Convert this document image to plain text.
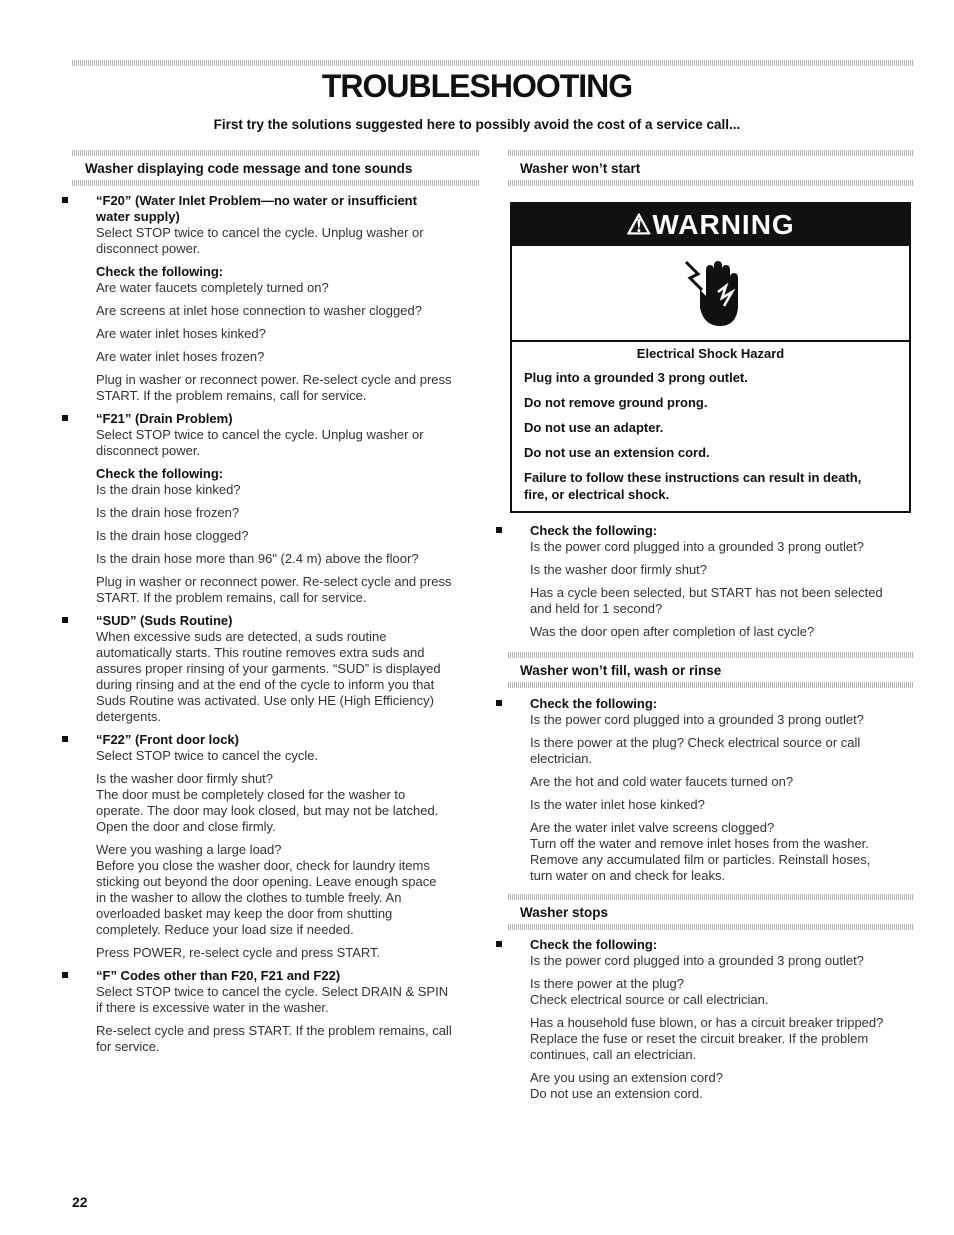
TROUBLESHOOTING
First try the solutions suggested here to possibly avoid the cost of a service call...
Washer displaying code message and tone sounds
“F20” (Water Inlet Problem—no water or insufficient
water supply)
Select STOP twice to cancel the cycle. Unplug washer or
disconnect power.
Check the following:
Are water faucets completely turned on?
Are screens at inlet hose connection to washer clogged?
Are water inlet hoses kinked?
Are water inlet hoses frozen?
Plug in washer or reconnect power. Re-select cycle and press
START. If the problem remains, call for service.
“F21” (Drain Problem)
Select STOP twice to cancel the cycle. Unplug washer or
disconnect power.
Check the following:
Is the drain hose kinked?
Is the drain hose frozen?
Is the drain hose clogged?
Is the drain hose more than 96" (2.4 m) above the floor?
Plug in washer or reconnect power. Re-select cycle and press
START. If the problem remains, call for service.
“SUD” (Suds Routine)
When excessive suds are detected, a suds routine
automatically starts. This routine removes extra suds and
assures proper rinsing of your garments. “SUD” is displayed
during rinsing and at the end of the cycle to inform you that
Suds Routine was activated. Use only HE (High Efficiency)
detergents.
“F22” (Front door lock)
Select STOP twice to cancel the cycle.
Is the washer door firmly shut?
The door must be completely closed for the washer to
operate. The door may look closed, but may not be latched.
Open the door and close firmly.
Were you washing a large load?
Before you close the washer door, check for laundry items
sticking out beyond the door opening. Leave enough space
in the washer to allow the clothes to tumble freely. An
overloaded basket may keep the door from shutting
completely. Reduce your load size if needed.
Press POWER, re-select cycle and press START.
“F” Codes other than F20, F21 and F22)
Select STOP twice to cancel the cycle. Select DRAIN & SPIN
if there is excessive water in the washer.
Re-select cycle and press START. If the problem remains, call
for service.
Washer won’t start
⚠WARNING
Electrical Shock Hazard
Plug into a grounded 3 prong outlet.
Do not remove ground prong.
Do not use an adapter.
Do not use an extension cord.
Failure to follow these instructions can result in death,
fire, or electrical shock.
Check the following:
Is the power cord plugged into a grounded 3 prong outlet?
Is the washer door firmly shut?
Has a cycle been selected, but START has not been selected
and held for 1 second?
Was the door open after completion of last cycle?
Washer won’t fill, wash or rinse
Check the following:
Is the power cord plugged into a grounded 3 prong outlet?
Is there power at the plug? Check electrical source or call
electrician.
Are the hot and cold water faucets turned on?
Is the water inlet hose kinked?
Are the water inlet valve screens clogged?
Turn off the water and remove inlet hoses from the washer.
Remove any accumulated film or particles. Reinstall hoses,
turn water on and check for leaks.
Washer stops
Check the following:
Is the power cord plugged into a grounded 3 prong outlet?
Is there power at the plug?
Check electrical source or call electrician.
Has a household fuse blown, or has a circuit breaker tripped?
Replace the fuse or reset the circuit breaker. If the problem
continues, call an electrician.
Are you using an extension cord?
Do not use an extension cord.
22
